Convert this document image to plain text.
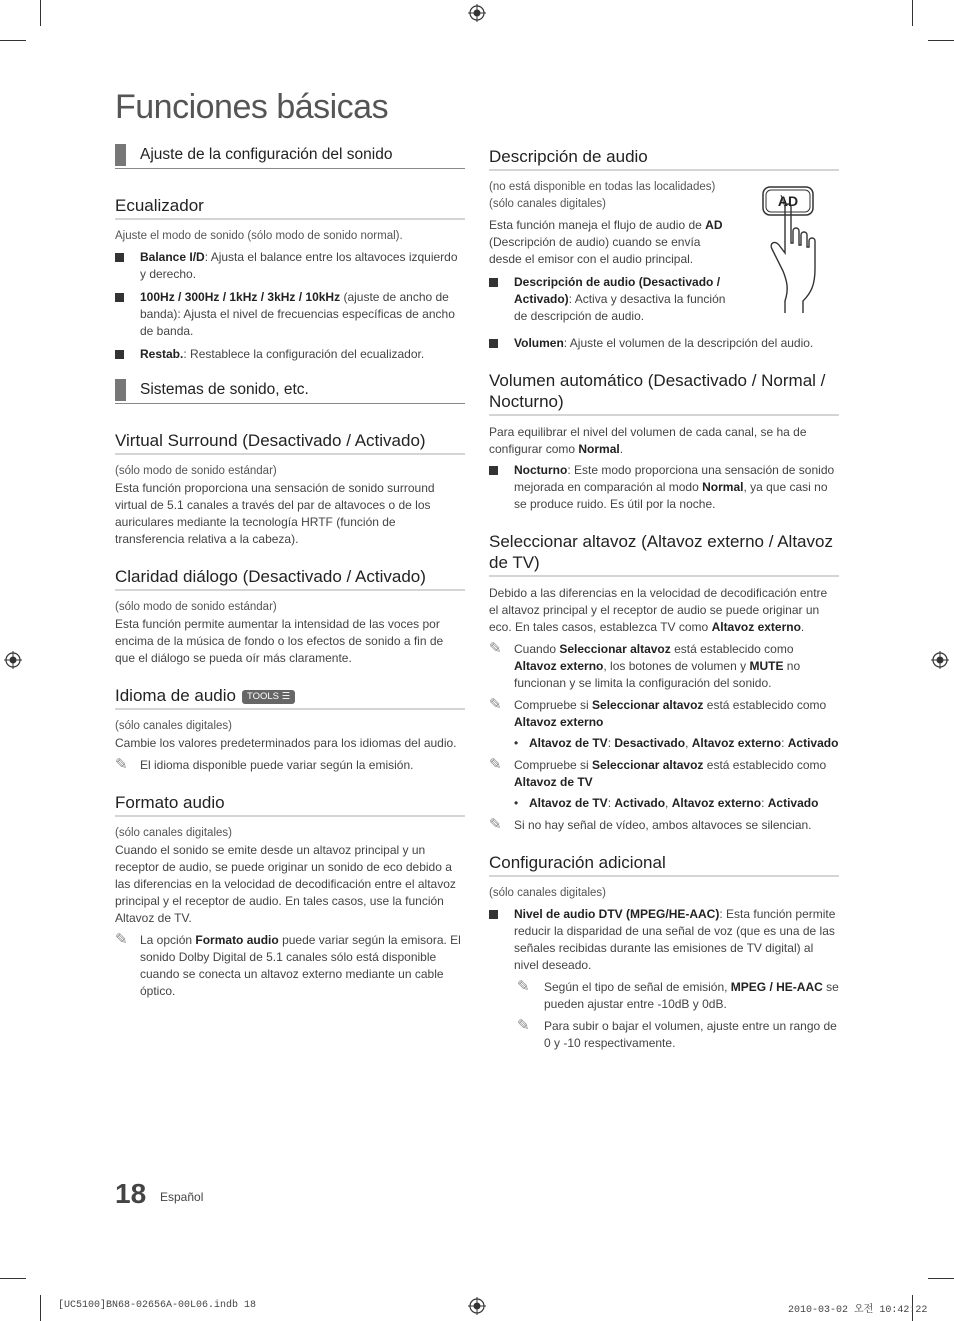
Funciones básicas
Ajuste de la configuración del sonido
Ecualizador

Ajuste el modo de sonido (sólo modo de sonido normal).

Balance I/D: Ajusta el balance entre los altavoces izquierdo y derecho.
100Hz / 300Hz / 1kHz / 3kHz / 10kHz (ajuste de ancho de banda): Ajusta el nivel de frecuencias específicas de ancho de banda.
Restab.: Restablece la configuración del ecualizador.
Sistemas de sonido, etc.
Virtual Surround (Desactivado / Activado)

(sólo modo de sonido estándar)

Esta función proporciona una sensación de sonido surround virtual de 5.1 canales a través del par de altavoces o de los auriculares mediante la tecnología HRTF (función de transferencia relativa a la cabeza).

Claridad diálogo (Desactivado / Activado)

(sólo modo de sonido estándar)

Esta función permite aumentar la intensidad de las voces por encima de la música de fondo o los efectos de sonido a fin de que el diálogo se pueda oír más claramente.

Idioma de audio TOOLS ☰

(sólo canales digitales)

Cambie los valores predeterminados para los idiomas del audio.

✎	El idioma disponible puede variar según la emisión.
Formato audio

(sólo canales digitales)

Cuando el sonido se emite desde un altavoz principal y un receptor de audio, se puede originar un sonido de eco debido a las diferencias en la velocidad de decodificación entre el altavoz principal y el receptor de audio. En tales casos, use la función Altavoz de TV.

✎	La opción Formato audio puede variar según la emisora. El sonido Dolby Digital de 5.1 canales sólo está disponible cuando se conecta un altavoz externo mediante un cable óptico.
Descripción de audio

(no está disponible en todas las localidades) (sólo canales digitales)

Esta función maneja el flujo de audio de AD (Descripción de audio) cuando se envía desde el emisor con el audio principal.

Descripción de audio (Desactivado / Activado): Activa y desactiva la función de descripción de audio.
AD
Volumen: Ajuste el volumen de la descripción del audio.
Volumen automático (Desactivado / Normal / Nocturno)

Para equilibrar el nivel del volumen de cada canal, se ha de configurar como Normal.

Nocturno: Este modo proporciona una sensación de sonido mejorada en comparación al modo Normal, ya que casi no se produce ruido. Es útil por la noche.
Seleccionar altavoz (Altavoz externo / Altavoz de TV)

Debido a las diferencias en la velocidad de decodificación entre el altavoz principal y el receptor de audio se puede originar un eco. En tales casos, establezca TV como Altavoz externo.

✎	Cuando Seleccionar altavoz está establecido como Altavoz externo, los botones de volumen y MUTE no funcionan y se limita la configuración del sonido.
✎	Compruebe si Seleccionar altavoz está establecido como Altavoz externo
• Altavoz de TV: Desactivado, Altavoz externo: Activado
✎	Compruebe si Seleccionar altavoz está establecido como Altavoz de TV
• Altavoz de TV: Activado, Altavoz externo: Activado
✎	Si no hay señal de vídeo, ambos altavoces se silencian.
Configuración adicional

(sólo canales digitales)

Nivel de audio DTV (MPEG/HE-AAC): Esta función permite reducir la disparidad de una señal de voz (que es una de las señales recibidas durante las emisiones de TV digital) al nivel deseado.
✎	Según el tipo de señal de emisión, MPEG / HE-AAC se pueden ajustar entre -10dB y 0dB.
✎	Para subir o bajar el volumen, ajuste entre un rango de 0 y -10 respectivamente.
18 Español
[UC5100]BN68-02656A-00L06.indb 18	2010-03-02 오전 10:42:22
